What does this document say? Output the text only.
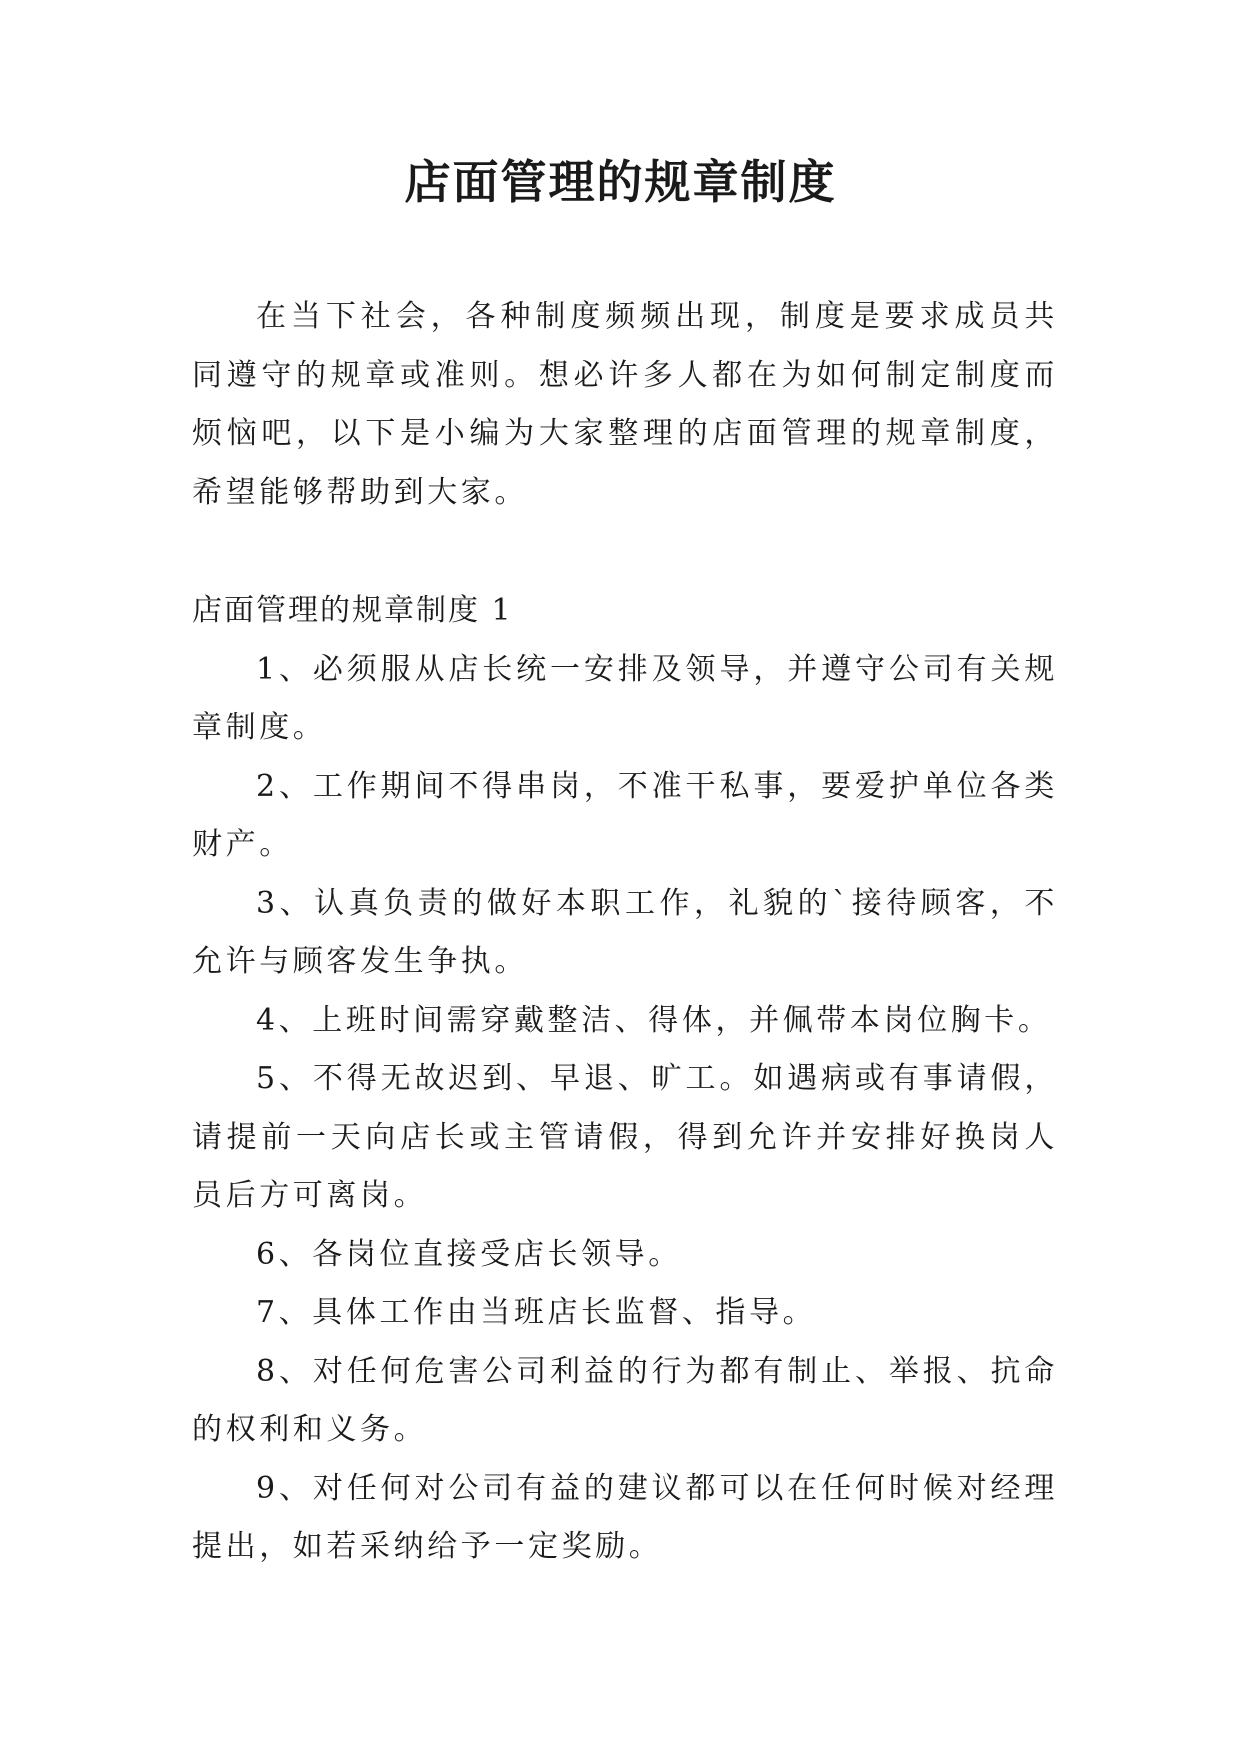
店面管理的规章制度

在当下社会，各种制度频频出现，制度是要求成员共同遵守的规章或准则。想必许多人都在为如何制定制度而烦恼吧，以下是小编为大家整理的店面管理的规章制度，希望能够帮助到大家。

店面管理的规章制度 1

1、必须服从店长统一安排及领导，并遵守公司有关规章制度。

2、工作期间不得串岗，不准干私事，要爱护单位各类财产。

3、认真负责的做好本职工作，礼貌的`接待顾客，不允许与顾客发生争执。

4、上班时间需穿戴整洁、得体，并佩带本岗位胸卡。

5、不得无故迟到、早退、旷工。如遇病或有事请假，请提前一天向店长或主管请假，得到允许并安排好换岗人员后方可离岗。

6、各岗位直接受店长领导。

7、具体工作由当班店长监督、指导。

8、对任何危害公司利益的行为都有制止、举报、抗命的权利和义务。

9、对任何对公司有益的建议都可以在任何时候对经理提出，如若采纳给予一定奖励。
